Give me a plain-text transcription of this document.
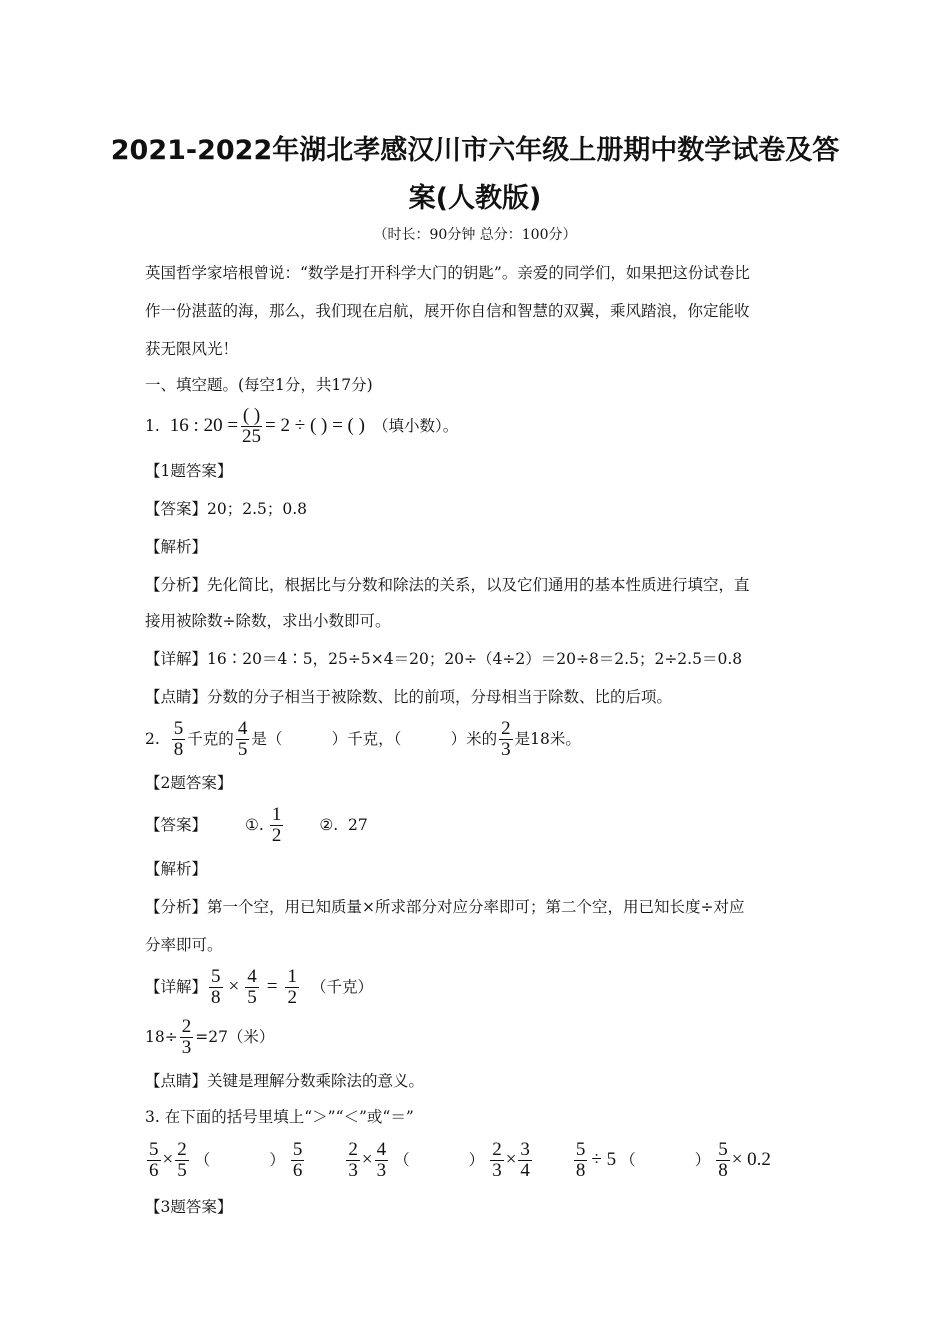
2021-2022年湖北孝感汉川市六年级上册期中数学试卷及答
案(人教版)
（时长：90分钟 总分：100分）
英国哲学家培根曾说：“数学是打开科学大门的钥匙”。亲爱的同学们，如果把这份试卷比
作一份湛蓝的海，那么，我们现在启航，展开你自信和智慧的双翼，乘风踏浪，你定能收
获无限风光！
一、填空题。(每空1分，共17分)
1. 16 : $20 = \frac{( )}{25} = 2$ ÷ ( ) = ( ) （填小数）。
【1题答案】
【答案】20；2.5；0.8
【解析】
【分析】先化简比，根据比与分数和除法的关系，以及它们通用的基本性质进行填空，直
接用被除数÷除数，求出小数即可。
【详解】16∶20＝4∶5，25÷5×4＝20；20÷（4÷2）＝20÷8＝2.5；2÷2.5＝0.8
【点睛】分数的分子相当于被除数、比的前项，分母相当于除数、比的后项。
2. $\frac{5}{8}$ 千克的 $\frac{4}{5}$ 是（          ）千克，（          ）米的 $\frac{2}{3}$ 是18米。
【2题答案】
【答案】 ①. $\frac{1}{2}$ ②.  27
【解析】
【分析】第一个空，用已知质量×所求部分对应分率即可；第二个空，用已知长度÷对应
分率即可。
【详解】 $\frac{5}{8} \times \frac{4}{5} = \frac{1}{2}$ （千克）
$18\div \frac{2}{3} =27$（米）
【点睛】关键是理解分数乘除法的意义。
3. 在下面的括号里填上“＞”“＜”或“＝”
$\frac{5}{6} \times \frac{2}{5}$ （            ） $\frac{5}{6} \frac{2}{3} \times \frac{4}{3}$ （            ） $\frac{2}{3} \times \frac{3}{4} \frac{5}{8} \div 5$ （            ） $\frac{5}{8} \times 0.2$
【3题答案】
